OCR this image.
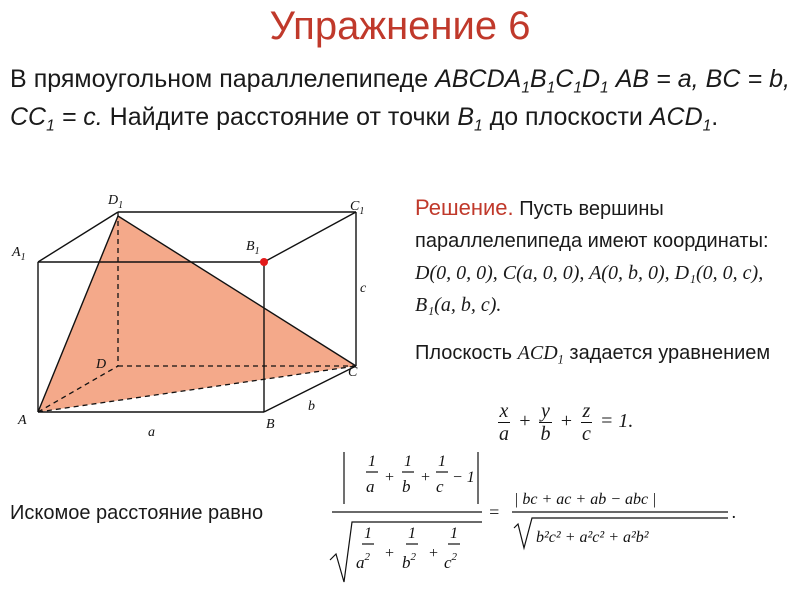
Упражнение 6
В прямоугольном параллелепипеде $ABCDA_1B_1C_1D_1$ AB = a, BC = b, $CC_1 = c$. Найдите расстояние от точки $B_1$ до плоскости $ACD_1$.
A	B
C
D
$A_1$
$B_1$
$C_1$
$D_1$
a
b
c
Решение. Пусть вершины параллелепипеда имеют координаты: D(0, 0, 0), C(a, 0, 0), A(0, b, 0), D₁(0, 0, c), B₁(a, b, c).
Плоскость $ACD_1$ задается уравнением
$\frac{x}{a} + \frac{y}{b} + \frac{z}{c} = 1$.
Искомое расстояние равно
1
a +
1
b +
1
c − 1
1
$a^2$ +
1
$b^2$ +
1
$c^2$
=
| bc + ac + ab − abc |
b²c² + a²c² + a²b²
.
